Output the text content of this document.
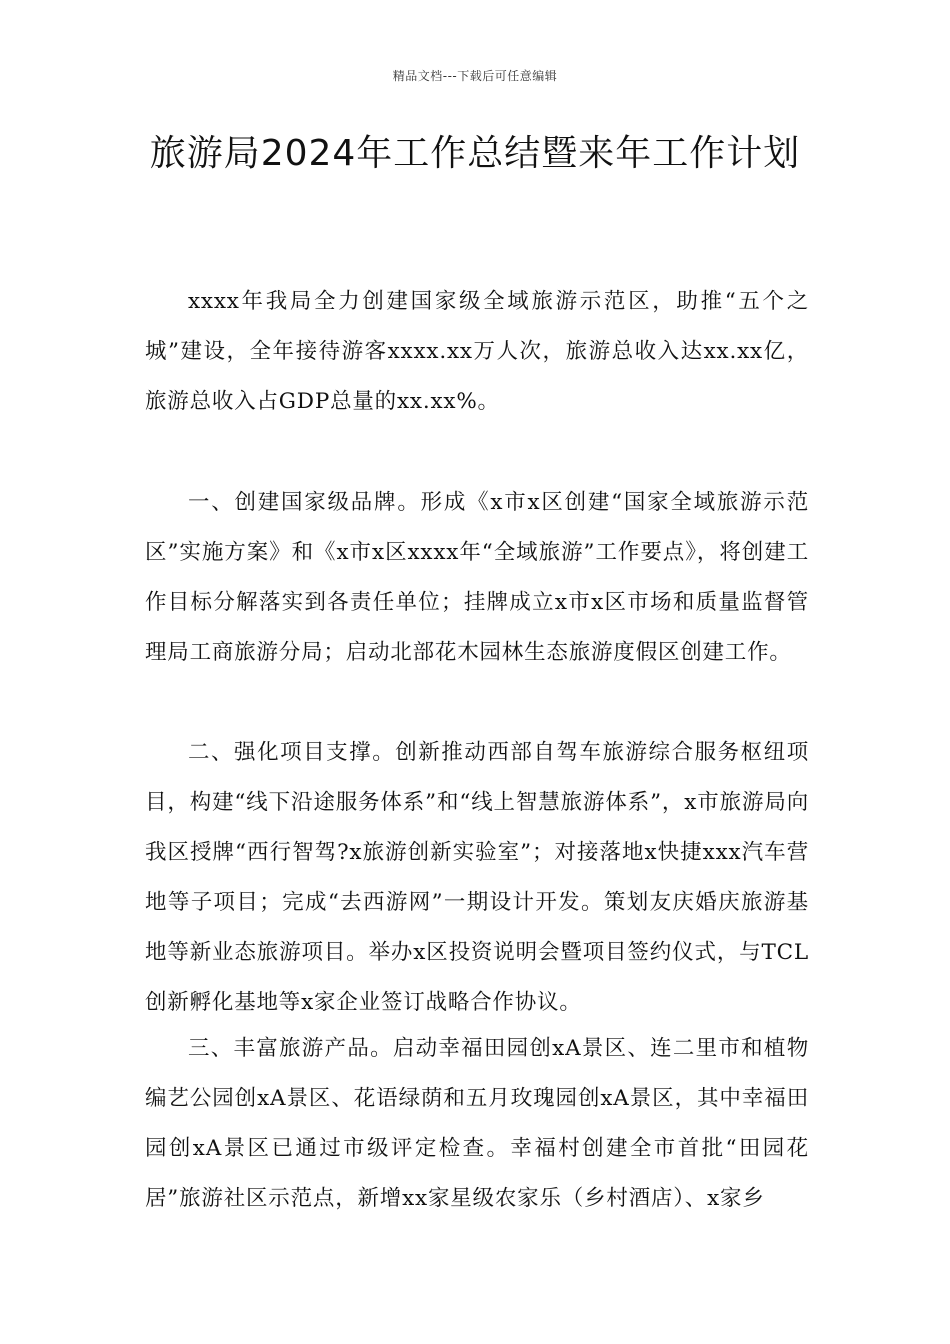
精品文档---下载后可任意编辑
旅游局2024年工作总结暨来年工作计划

xxxx年我局全力创建国家级全域旅游示范区，助推“五个之城”建设，全年接待游客xxxx.xx万人次，旅游总收入达xx.xx亿，旅游总收入占GDP总量的xx.xx%。

一、创建国家级品牌。形成《x市x区创建“国家全域旅游示范区”实施方案》和《x市x区xxxx年“全域旅游”工作要点》，将创建工作目标分解落实到各责任单位；挂牌成立x市x区市场和质量监督管理局工商旅游分局；启动北部花木园林生态旅游度假区创建工作。

二、强化项目支撑。创新推动西部自驾车旅游综合服务枢纽项目，构建“线下沿途服务体系”和“线上智慧旅游体系”，x市旅游局向我区授牌“西行智驾?x旅游创新实验室”；对接落地x快捷xxx汽车营地等子项目；完成“去西游网”一期设计开发。策划友庆婚庆旅游基地等新业态旅游项目。举办x区投资说明会暨项目签约仪式，与TCL创新孵化基地等x家企业签订战略合作协议。

三、丰富旅游产品。启动幸福田园创xA景区、连二里市和植物编艺公园创xA景区、花语绿荫和五月玫瑰园创xA景区，其中幸福田园创xA景区已通过市级评定检查。幸福村创建全市首批“田园花居”旅游社区示范点，新增xx家星级农家乐（乡村酒店）、x家乡
